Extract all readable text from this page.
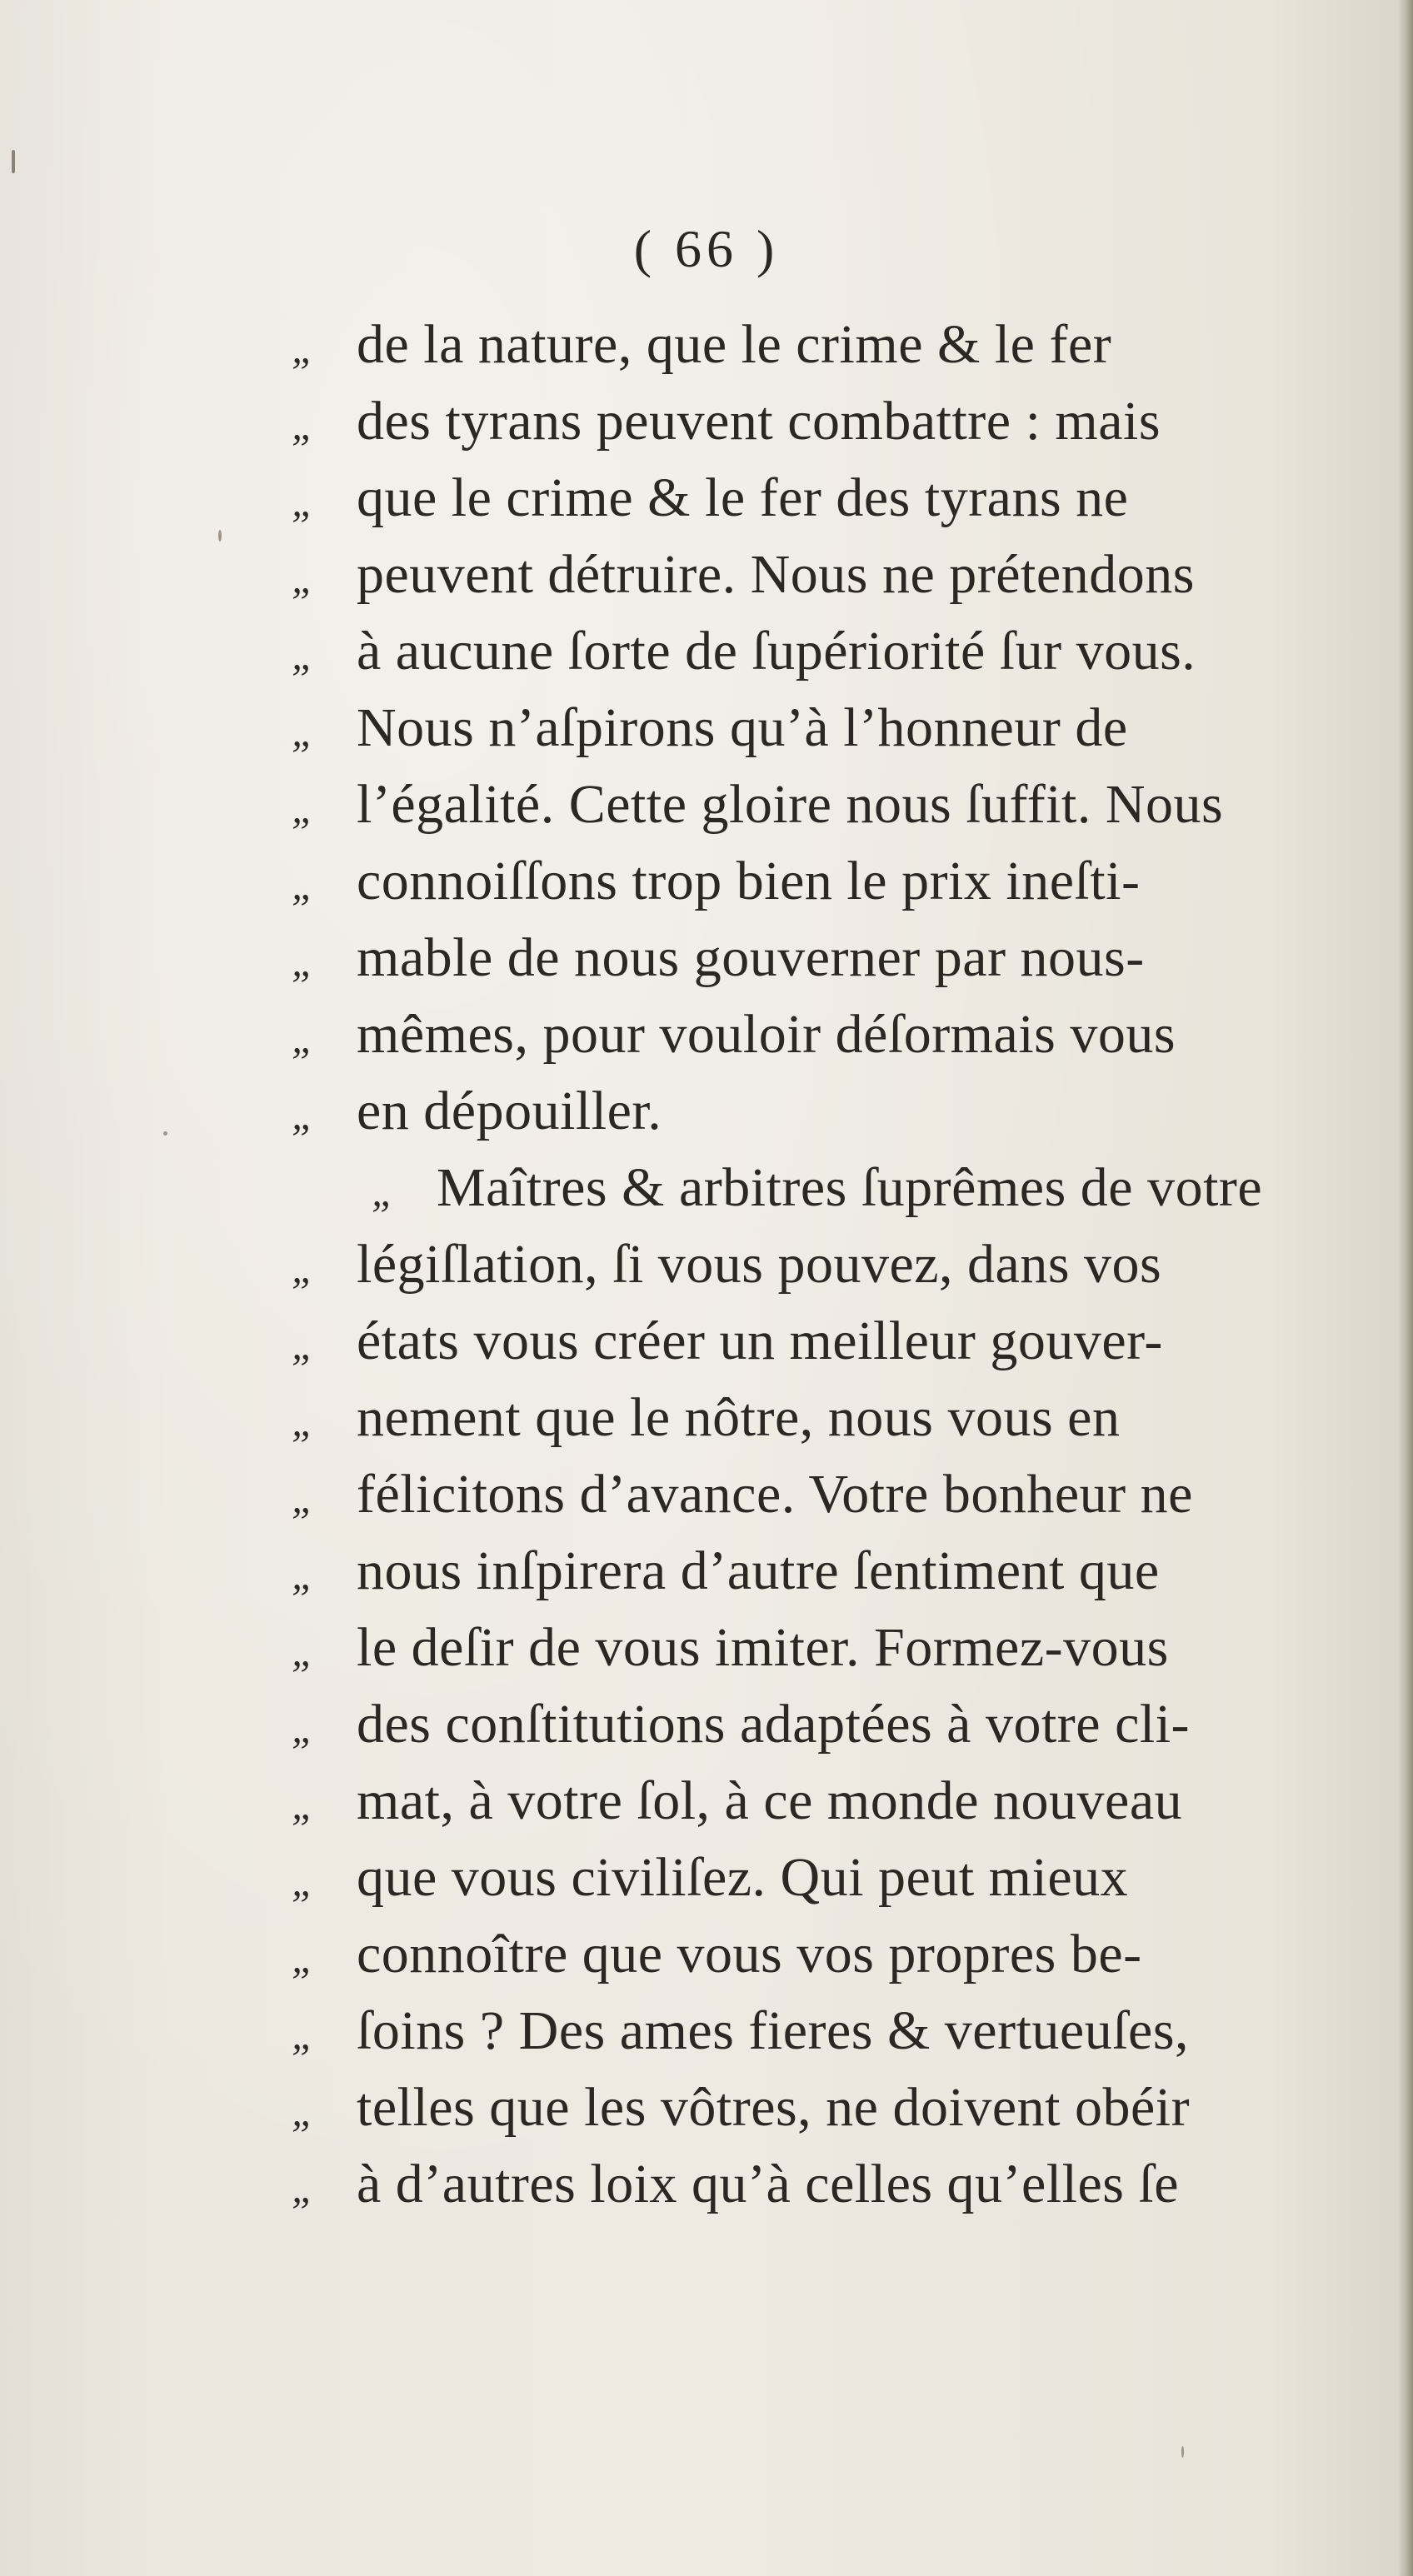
( 66 )
„ de la nature, que le crime & le fer
„ des tyrans peuvent combattre : mais
„ que le crime & le fer des tyrans ne
„ peuvent détruire. Nous ne prétendons
„ à aucune ſorte de ſupériorité ſur vous.
„ Nous n’aſpirons qu’à l’honneur de
„ l’égalité. Cette gloire nous ſuffit. Nous
„ connoiſſons trop bien le prix ineſti-
„ mable de nous gouverner par nous-
„ mêmes, pour vouloir déſormais vous
„ en dépouiller.
„ Maîtres & arbitres ſuprêmes de votre
„ légiſlation, ſi vous pouvez, dans vos
„ états vous créer un meilleur gouver-
„ nement que le nôtre, nous vous en
„ félicitons d’avance. Votre bonheur ne
„ nous inſpirera d’autre ſentiment que
„ le deſir de vous imiter. Formez-vous
„ des conſtitutions adaptées à votre cli-
„ mat, à votre ſol, à ce monde nouveau
„ que vous civiliſez. Qui peut mieux
„ connoître que vous vos propres be-
„ ſoins ? Des ames fieres & vertueuſes,
„ telles que les vôtres, ne doivent obéir
„ à d’autres loix qu’à celles qu’elles ſe
